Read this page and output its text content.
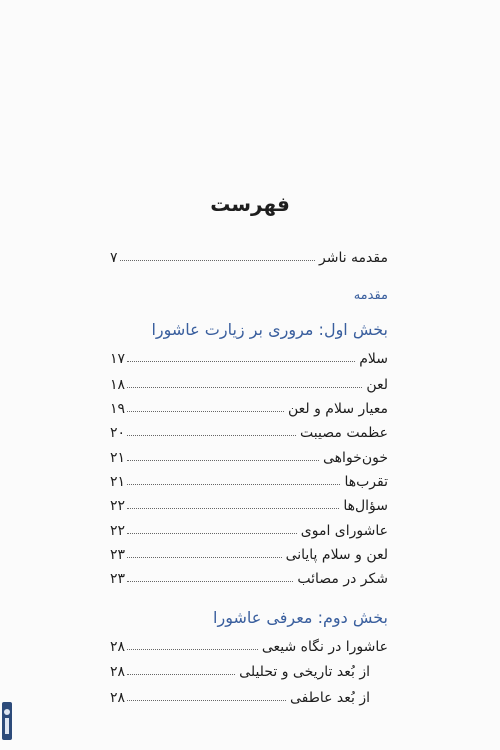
فهرست
مقدمه ناشر
۷
مقدمه
بخش اول: مروری بر زیارت عاشورا
سلام
۱۷
لعن
۱۸
معیار سلام و لعن
۱۹
عظمت مصیبت
۲۰
خون‌خواهی
۲۱
تقرب‌ها
۲۱
سؤال‌ها
۲۲
عاشورای اموی
۲۲
لعن و سلام پایانی
۲۳
شکر در مصائب
۲۳
بخش دوم: معرفی عاشورا
عاشورا در نگاه شیعی
۲۸
از بُعد تاریخی و تحلیلی
۲۸
از بُعد عاطفی
۲۸
